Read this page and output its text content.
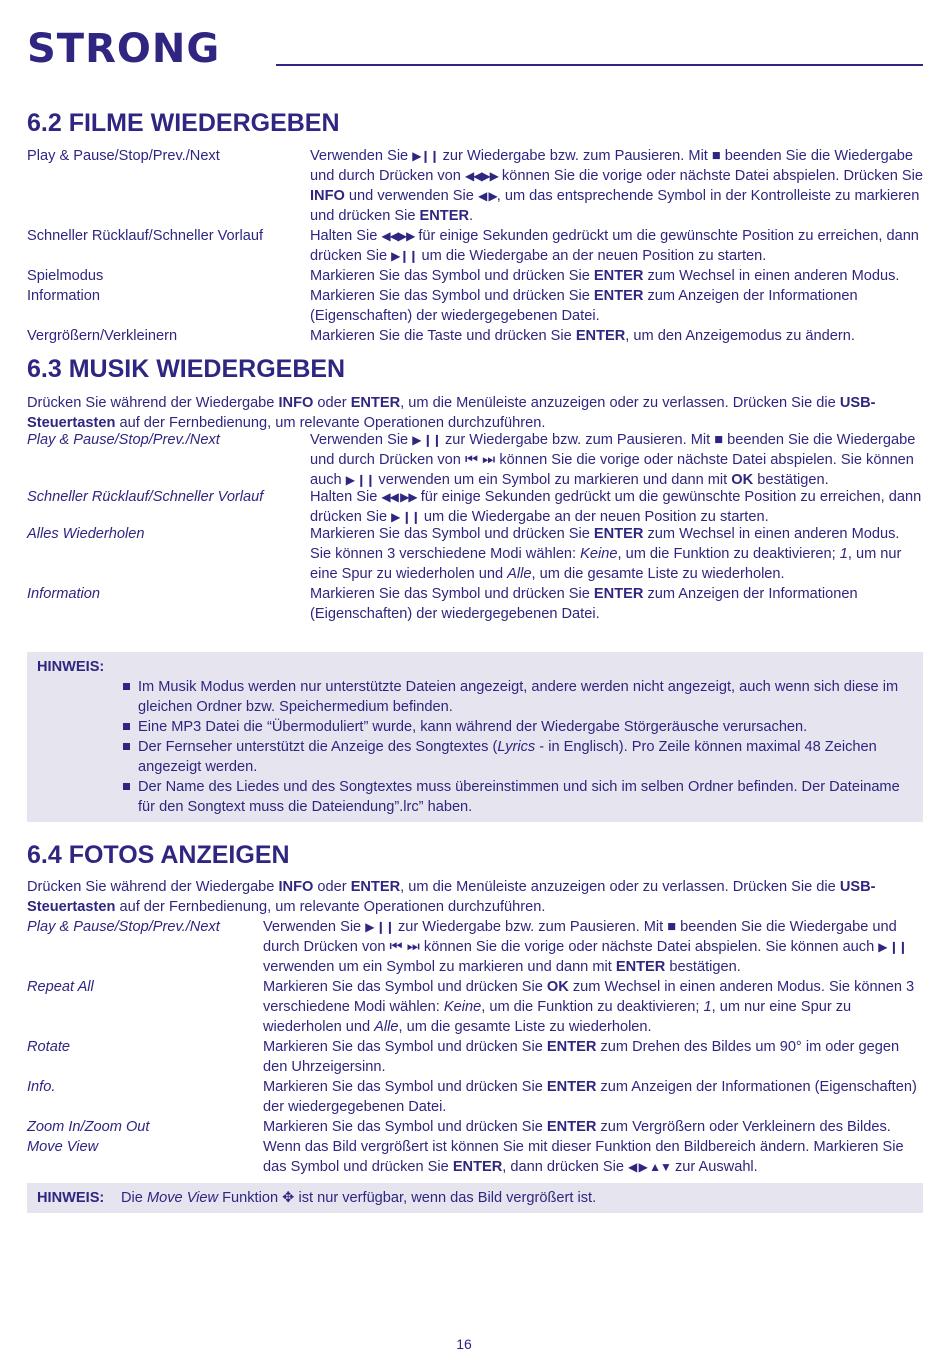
STRONG
6.2 FILME WIEDERGEBEN
Play & Pause/Stop/Prev./Next	Verwenden Sie ▶❙❙ zur Wiedergabe bzw. zum Pausieren. Mit ■ beenden Sie die Wiedergabe und durch Drücken von ◀◀▶▶ können Sie die vorige oder nächste Datei abspielen. Drücken Sie INFO und verwenden Sie ◀ ▶, um das entsprechende Symbol in der Kontrolleiste zu markieren und drücken Sie ENTER.
Schneller Rücklauf/Schneller Vorlauf	Halten Sie ◀◀▶▶ für einige Sekunden gedrückt um die gewünschte Position zu erreichen, dann drücken Sie ▶❙❙ um die Wiedergabe an der neuen Position zu starten.
Spielmodus	Markieren Sie das Symbol und drücken Sie ENTER zum Wechsel in einen anderen Modus.
Information	Markieren Sie das Symbol und drücken Sie ENTER zum Anzeigen der Informationen (Eigenschaften) der wiedergegebenen Datei.
Vergrößern/Verkleinern	Markieren Sie die Taste und drücken Sie ENTER, um den Anzeigemodus zu ändern.
6.3 MUSIK WIEDERGEBEN

Drücken Sie während der Wiedergabe INFO oder ENTER, um die Menüleiste anzuzeigen oder zu verlassen. Drücken Sie die USB-Steuertasten auf der Fernbedienung, um relevante Operationen durchzuführen.

Play & Pause/Stop/Prev./Next	Verwenden Sie ▶ ❙❙ zur Wiedergabe bzw. zum Pausieren. Mit ■ beenden Sie die Wiedergabe und durch Drücken von ⏮ ⏭ können Sie die vorige oder nächste Datei abspielen. Sie können auch ▶ ❙❙ verwenden um ein Symbol zu markieren und dann mit OK bestätigen.
Schneller Rücklauf/Schneller Vorlauf	Halten Sie ◀◀ ▶▶ für einige Sekunden gedrückt um die gewünschte Position zu erreichen, dann drücken Sie ▶ ❙❙ um die Wiedergabe an der neuen Position zu starten.
Alles Wiederholen	Markieren Sie das Symbol und drücken Sie ENTER zum Wechsel in einen anderen Modus. Sie können 3 verschiedene Modi wählen: Keine, um die Funktion zu deaktivieren; 1, um nur eine Spur zu wiederholen und Alle, um die gesamte Liste zu wiederholen.
Information	Markieren Sie das Symbol und drücken Sie ENTER zum Anzeigen der Informationen (Eigenschaften) der wiedergegebenen Datei.
HINWEIS:
Im Musik Modus werden nur unterstützte Dateien angezeigt, andere werden nicht angezeigt, auch wenn sich diese im gleichen Ordner bzw. Speichermedium befinden.
Eine MP3 Datei die “Übermoduliert” wurde, kann während der Wiedergabe Störgeräusche verursachen.
Der Fernseher unterstützt die Anzeige des Songtextes (Lyrics - in Englisch). Pro Zeile können maximal 48 Zeichen angezeigt werden.
Der Name des Liedes und des Songtextes muss übereinstimmen und sich im selben Ordner befinden. Der Dateiname für den Songtext muss die Dateiendung”.lrc” haben.
6.4 FOTOS ANZEIGEN

Drücken Sie während der Wiedergabe INFO oder ENTER, um die Menüleiste anzuzeigen oder zu verlassen. Drücken Sie die USB-Steuertasten auf der Fernbedienung, um relevante Operationen durchzuführen.

Play & Pause/Stop/Prev./Next	Verwenden Sie ▶ ❙❙ zur Wiedergabe bzw. zum Pausieren. Mit ■ beenden Sie die Wiedergabe und durch Drücken von ⏮ ⏭ können Sie die vorige oder nächste Datei abspielen. Sie können auch ▶ ❙❙ verwenden um ein Symbol zu markieren und dann mit ENTER bestätigen.
Repeat All	Markieren Sie das Symbol und drücken Sie OK zum Wechsel in einen anderen Modus. Sie können 3 verschiedene Modi wählen: Keine, um die Funktion zu deaktivieren; 1, um nur eine Spur zu wiederholen und Alle, um die gesamte Liste zu wiederholen.
Rotate	Markieren Sie das Symbol und drücken Sie ENTER zum Drehen des Bildes um 90° im oder gegen den Uhrzeigersinn.
Info.	Markieren Sie das Symbol und drücken Sie ENTER zum Anzeigen der Informationen (Eigenschaften) der wiedergegebenen Datei.
Zoom In/Zoom Out	Markieren Sie das Symbol und drücken Sie ENTER zum Vergrößern oder Verkleinern des Bildes.
Move View	Wenn das Bild vergrößert ist können Sie mit dieser Funktion den Bildbereich ändern. Markieren Sie das Symbol und drücken Sie ENTER, dann drücken Sie ◀ ▶ ▲▼ zur Auswahl.
HINWEIS: Die Move View Funktion ✥ ist nur verfügbar, wenn das Bild vergrößert ist.
16
